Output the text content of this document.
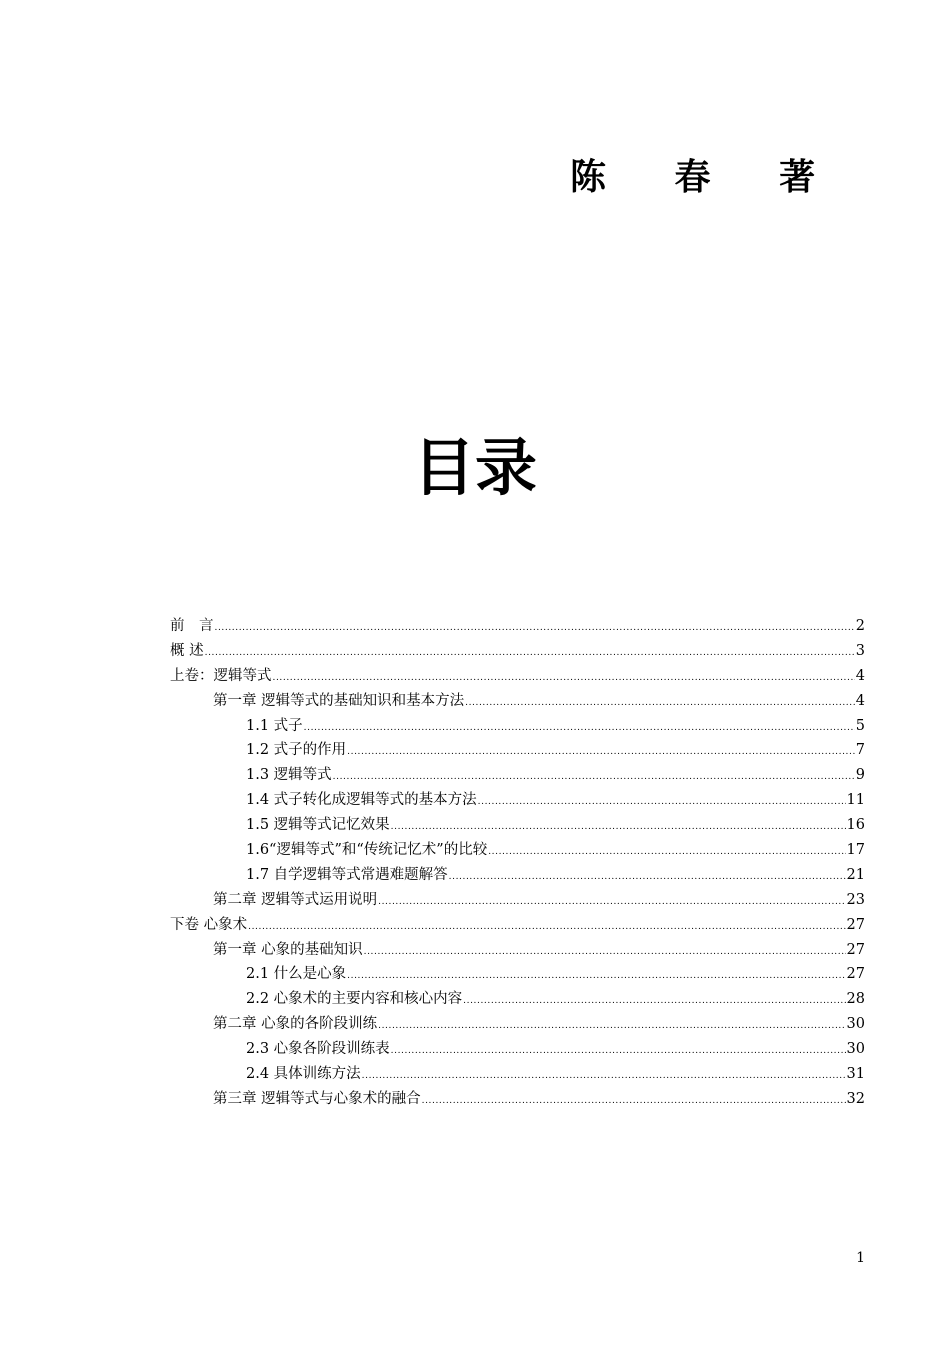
陈 春 著
目录
前　言 .....	2
概 述 .....	3
上卷：逻辑等式 .....	4
第一章 逻辑等式的基础知识和基本方法 .....	4
1.1 式子 .....	5
1.2 式子的作用 .....	7
1.3 逻辑等式 .....	9
1.4 式子转化成逻辑等式的基本方法 .....	11
1.5 逻辑等式记忆效果 .....	16
1.6“逻辑等式”和“传统记忆术”的比较 .....	17
1.7 自学逻辑等式常遇难题解答 .....	21
第二章 逻辑等式运用说明 .....	23
下卷 心象术 .....	27
第一章 心象的基础知识 .....	27
2.1 什么是心象 .....	27
2.2 心象术的主要内容和核心内容 .....	28
第二章 心象的各阶段训练 .....	30
2.3 心象各阶段训练表 .....	30
2.4 具体训练方法 .....	31
第三章 逻辑等式与心象术的融合 .....	32
1
